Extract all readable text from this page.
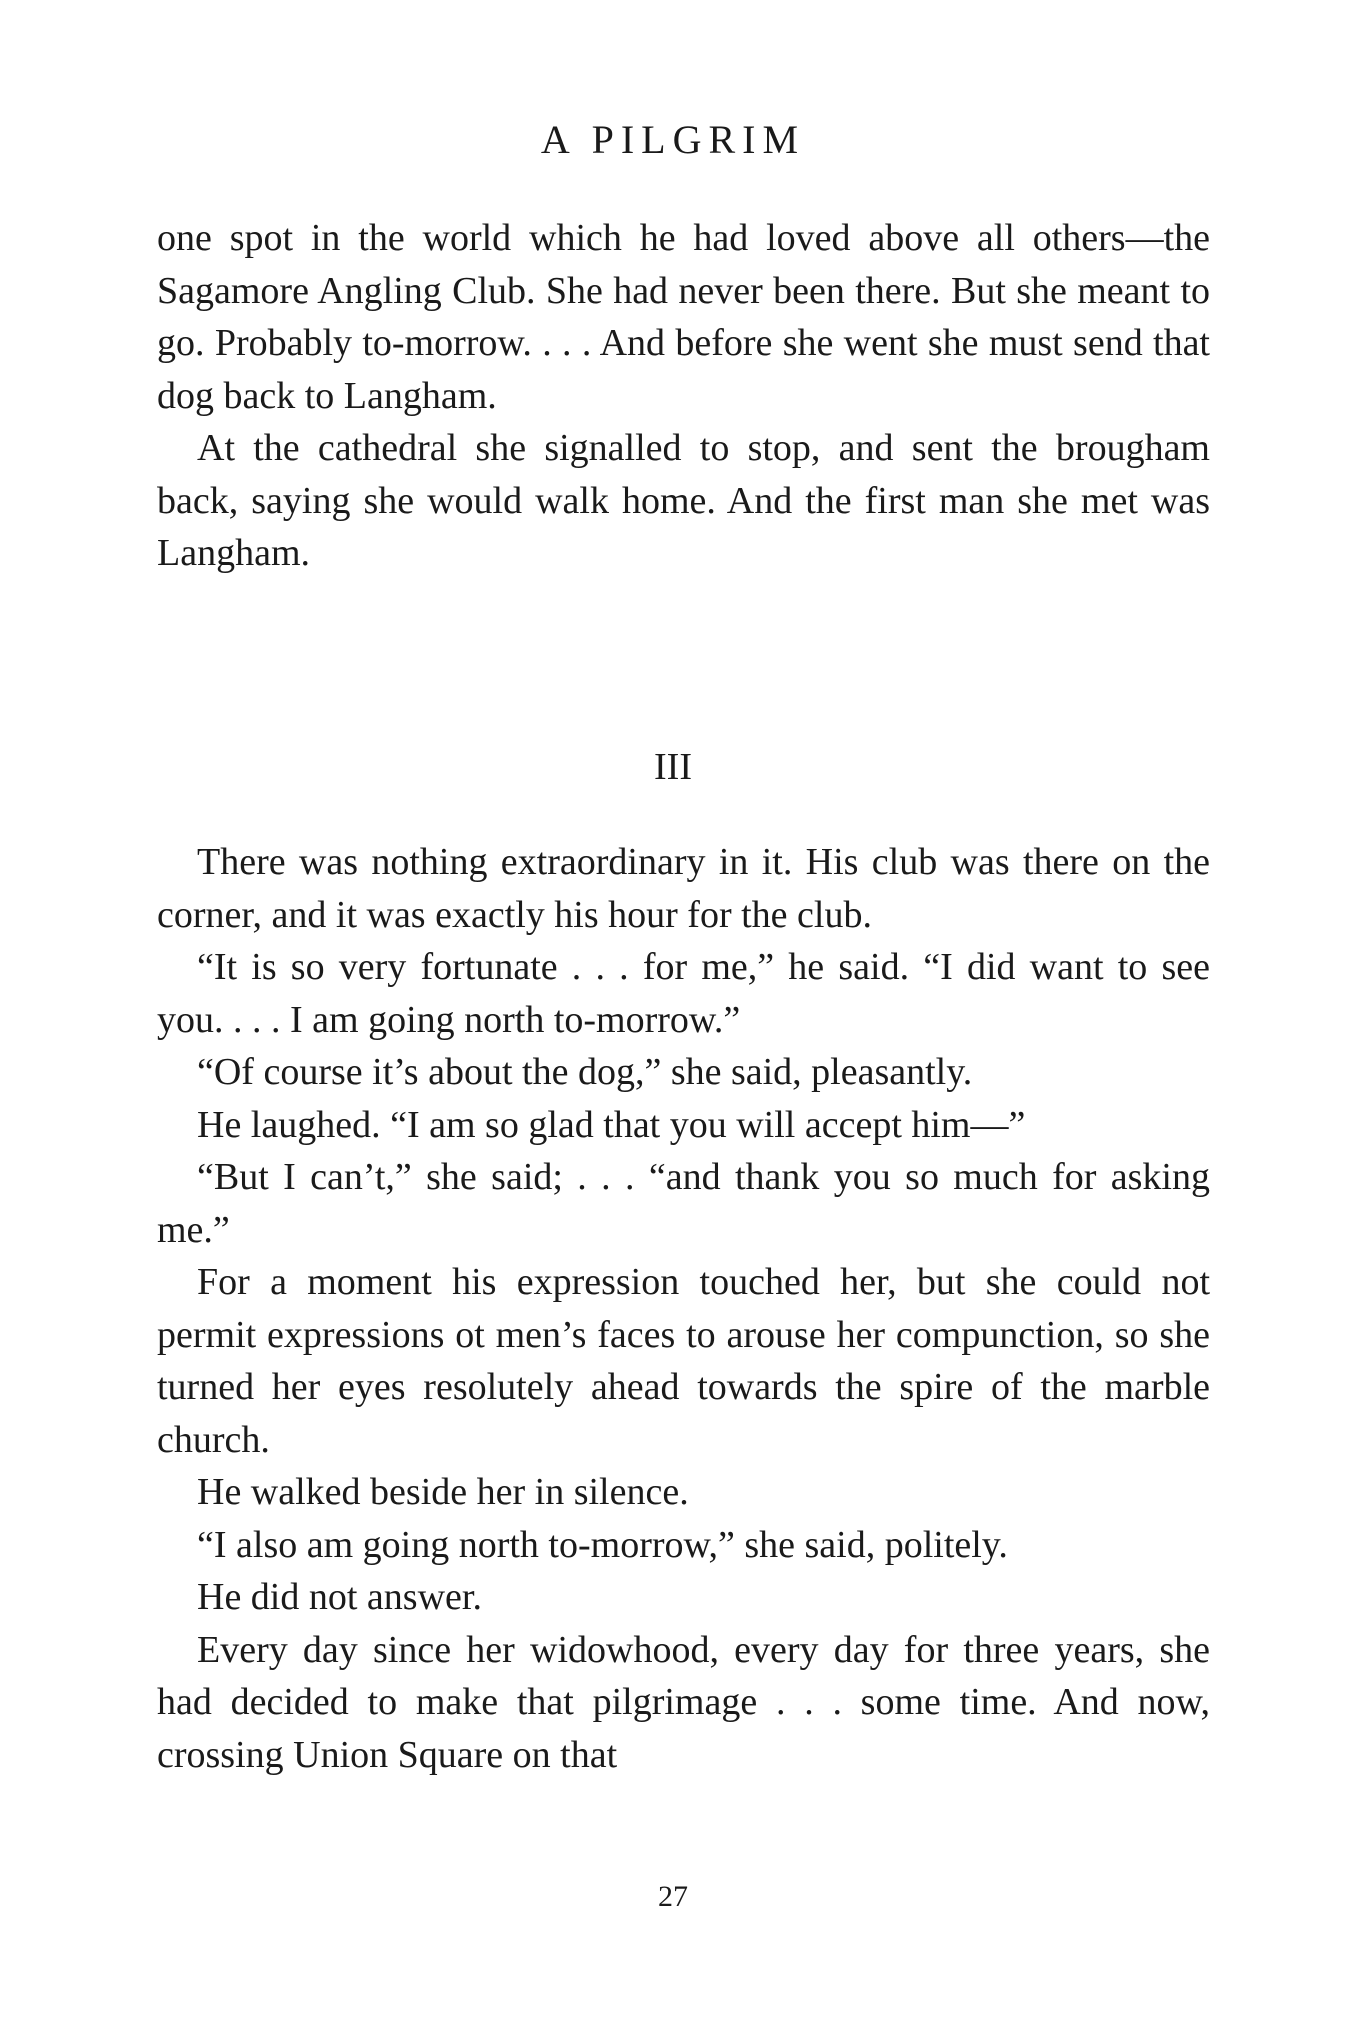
A PILGRIM

one spot in the world which he had loved above all others—the Sagamore Angling Club. She had never been there. But she meant to go. Probably to-morrow. . . . And before she went she must send that dog back to Langham.

At the cathedral she signalled to stop, and sent the brougham back, saying she would walk home. And the first man she met was Langham.

III

There was nothing extraordinary in it. His club was there on the corner, and it was exactly his hour for the club.

“It is so very fortunate . . . for me,” he said. “I did want to see you. . . . I am going north to-morrow.”

“Of course it’s about the dog,” she said, pleasantly.

He laughed. “I am so glad that you will accept him—”

“But I can’t,” she said; . . . “and thank you so much for asking me.”

For a moment his expression touched her, but she could not permit expressions ot men’s faces to arouse her compunction, so she turned her eyes resolutely ahead towards the spire of the marble church.

He walked beside her in silence.

“I also am going north to-morrow,” she said, politely.

He did not answer.

Every day since her widowhood, every day for three years, she had decided to make that pilgrimage . . . some time. And now, crossing Union Square on that

27
